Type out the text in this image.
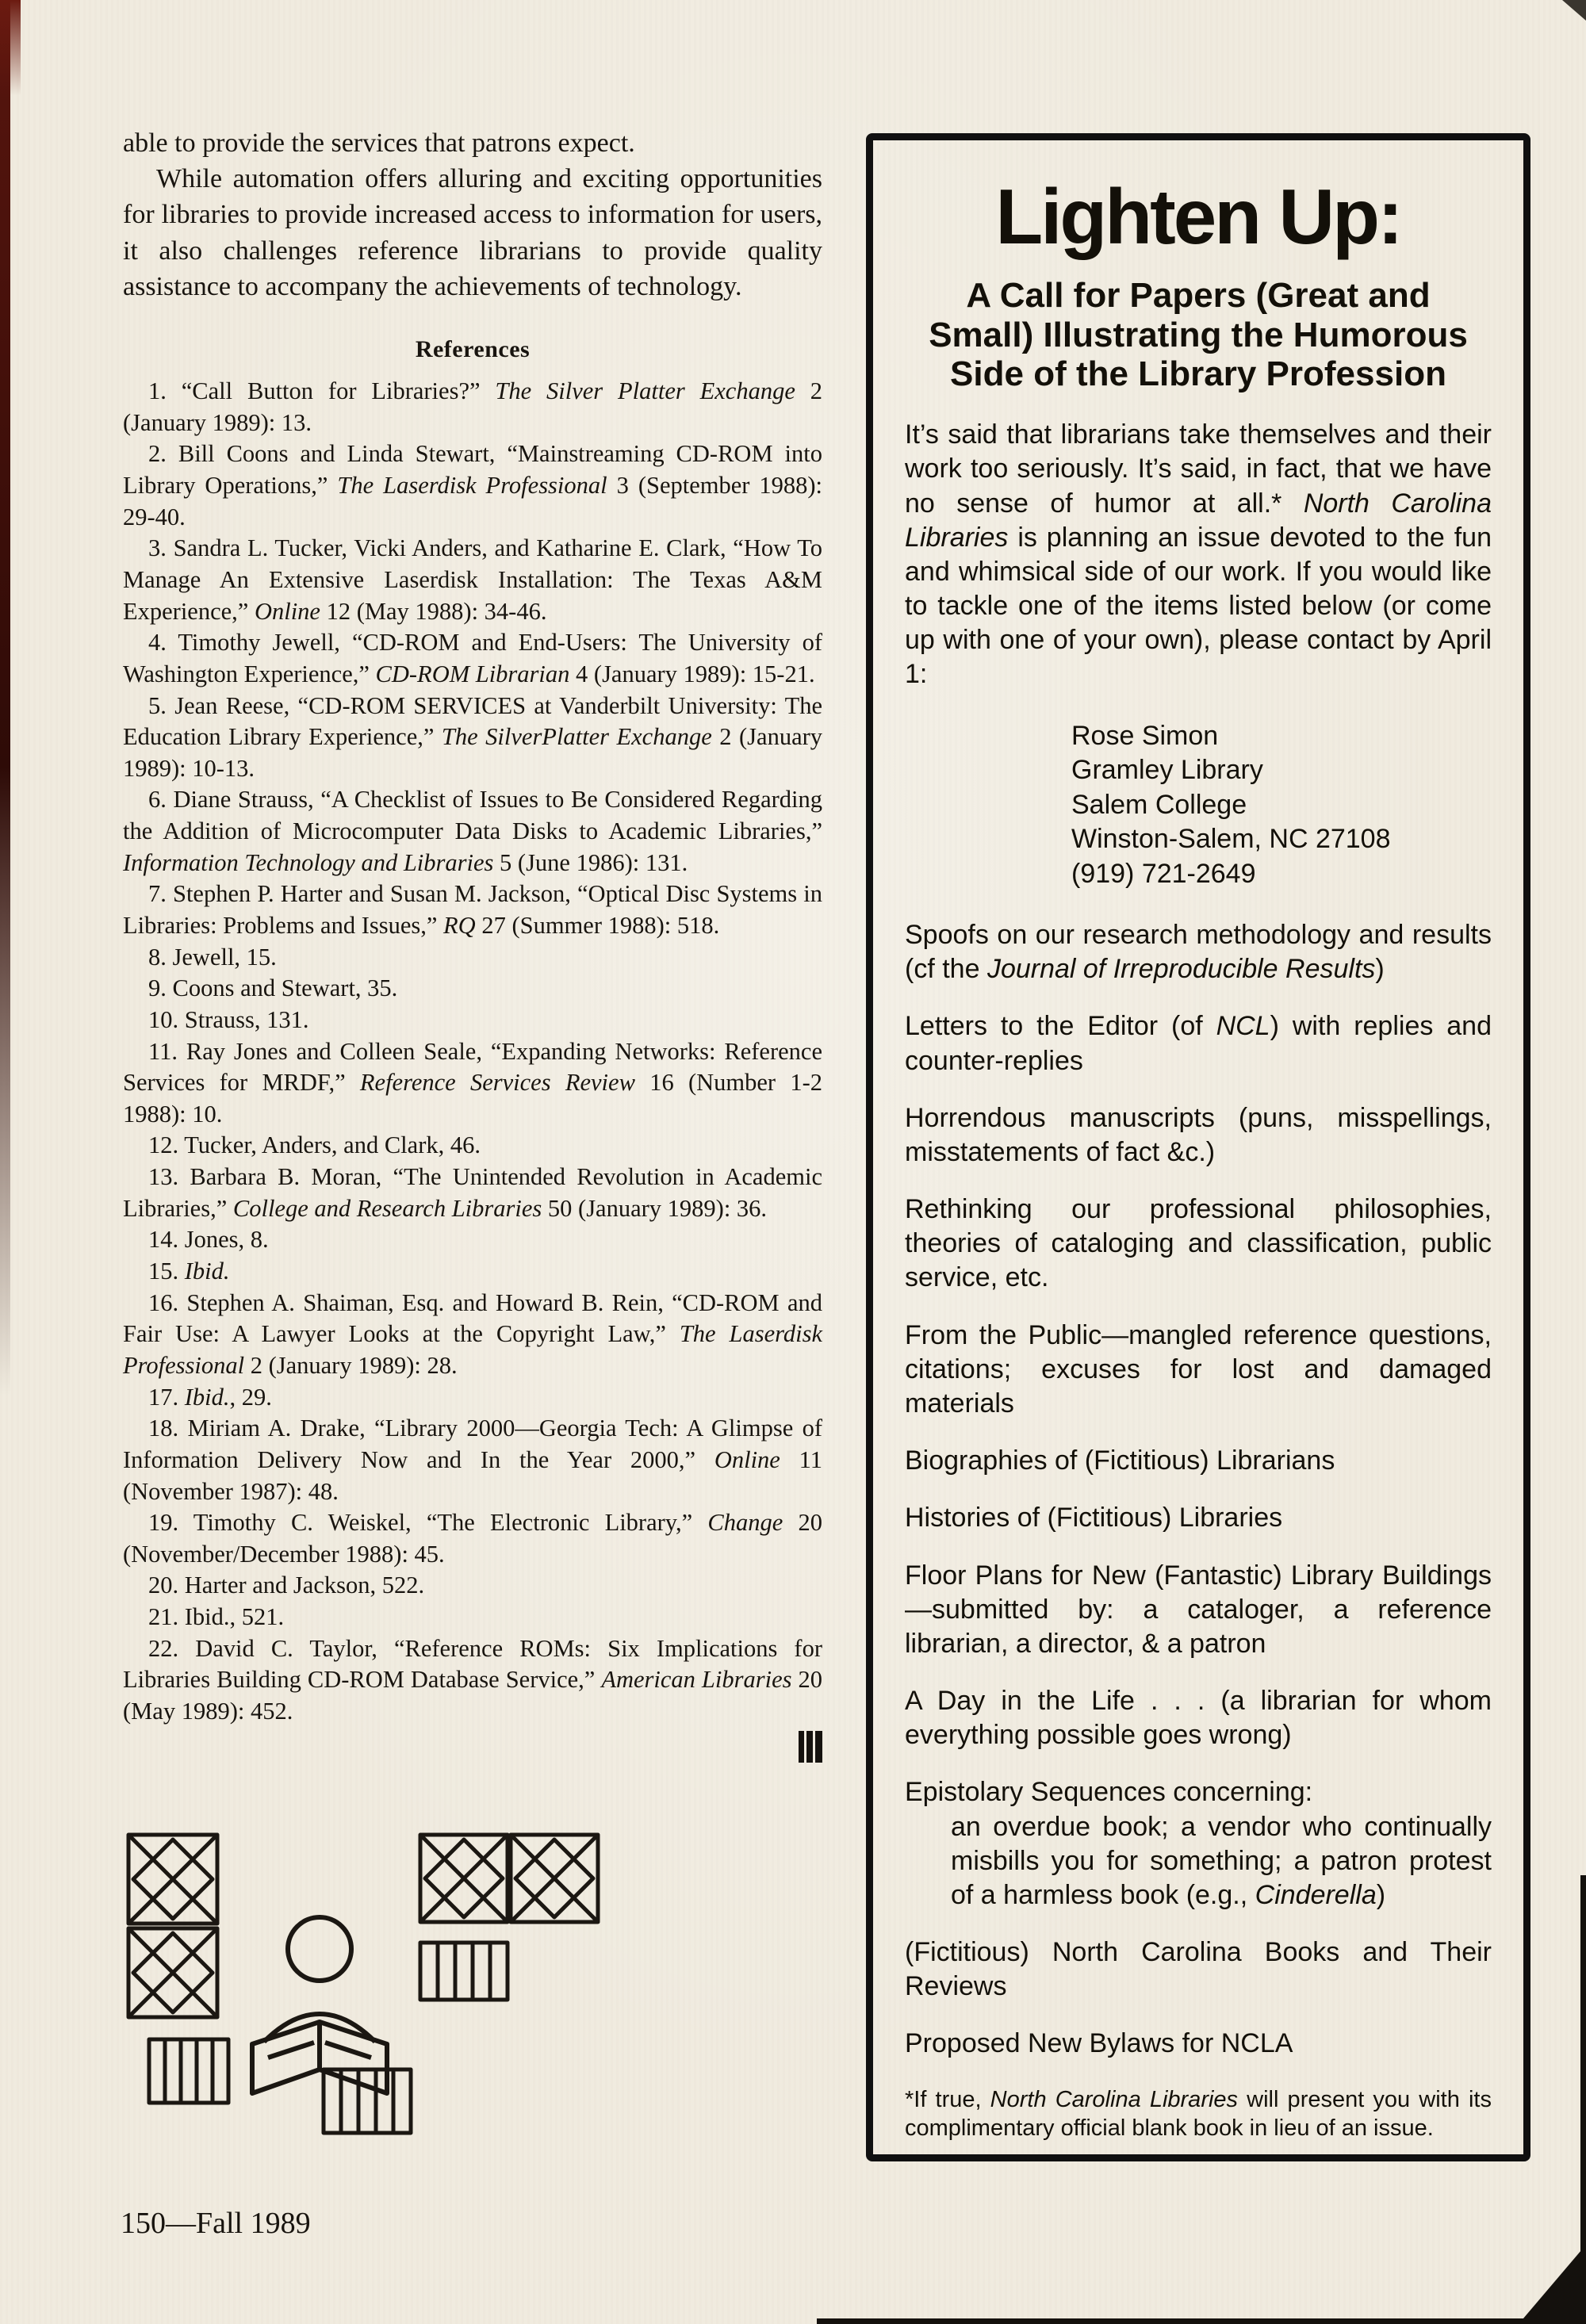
able to provide the services that patrons expect.

While automation offers alluring and exciting opportunities for libraries to provide increased access to information for users, it also challenges reference librarians to provide quality assistance to accompany the achievements of technology.

References

1. “Call Button for Libraries?” The Silver Platter Exchange 2 (January 1989): 13.

2. Bill Coons and Linda Stewart, “Mainstreaming CD-ROM into Library Operations,” The Laserdisk Professional 3 (September 1988): 29-40.

3. Sandra L. Tucker, Vicki Anders, and Katharine E. Clark, “How To Manage An Extensive Laserdisk Installation: The Texas A&M Experience,” Online 12 (May 1988): 34-46.

4. Timothy Jewell, “CD-ROM and End-Users: The University of Washington Experience,” CD-ROM Librarian 4 (January 1989): 15-21.

5. Jean Reese, “CD-ROM SERVICES at Vanderbilt University: The Education Library Experience,” The SilverPlatter Exchange 2 (January 1989): 10-13.

6. Diane Strauss, “A Checklist of Issues to Be Considered Regarding the Addition of Microcomputer Data Disks to Academic Libraries,” Information Technology and Libraries 5 (June 1986): 131.

7. Stephen P. Harter and Susan M. Jackson, “Optical Disc Systems in Libraries: Problems and Issues,” RQ 27 (Summer 1988): 518.

8. Jewell, 15.

9. Coons and Stewart, 35.

10. Strauss, 131.

11. Ray Jones and Colleen Seale, “Expanding Networks: Reference Services for MRDF,” Reference Services Review 16 (Number 1-2 1988): 10.

12. Tucker, Anders, and Clark, 46.

13. Barbara B. Moran, “The Unintended Revolution in Academic Libraries,” College and Research Libraries 50 (January 1989): 36.

14. Jones, 8.

15. Ibid.

16. Stephen A. Shaiman, Esq. and Howard B. Rein, “CD-ROM and Fair Use: A Lawyer Looks at the Copyright Law,” The Laserdisk Professional 2 (January 1989): 28.

17. Ibid., 29.

18. Miriam A. Drake, “Library 2000—Georgia Tech: A Glimpse of Information Delivery Now and In the Year 2000,” Online 11 (November 1987): 48.

19. Timothy C. Weiskel, “The Electronic Library,” Change 20 (November/December 1988): 45.

20. Harter and Jackson, 522.

21. Ibid., 521.

22. David C. Taylor, “Reference ROMs: Six Implications for Libraries Building CD-ROM Database Service,” American Libraries 20 (May 1989): 452.

150—Fall 1989
Lighten Up:
A Call for Papers (Great and Small) Illustrating the Humorous Side of the Library Profession

It’s said that librarians take themselves and their work too seriously. It’s said, in fact, that we have no sense of humor at all.* North Carolina Libraries is planning an issue devoted to the fun and whimsical side of our work. If you would like to tackle one of the items listed below (or come up with one of your own), please contact by April 1:

Rose Simon
Gramley Library
Salem College
Winston-Salem, NC 27108
(919) 721-2649

Spoofs on our research methodology and results (cf the Journal of Irreproducible Results)

Letters to the Editor (of NCL) with replies and counter-replies

Horrendous manuscripts (puns, misspellings, misstatements of fact &c.)

Rethinking our professional philosophies, theories of cataloging and classification, public service, etc.

From the Public—mangled reference questions, citations; excuses for lost and damaged materials

Biographies of (Fictitious) Librarians

Histories of (Fictitious) Libraries

Floor Plans for New (Fantastic) Library Buildings—submitted by: a cataloger, a reference librarian, a director, & a patron

A Day in the Life . . . (a librarian for whom everything possible goes wrong)

Epistolary Sequences concerning:
an overdue book; a vendor who continually misbills you for something; a patron protest of a harmless book (e.g., Cinderella)

(Fictitious) North Carolina Books and Their Reviews

Proposed New Bylaws for NCLA

*If true, North Carolina Libraries will present you with its complimentary official blank book in lieu of an issue.
